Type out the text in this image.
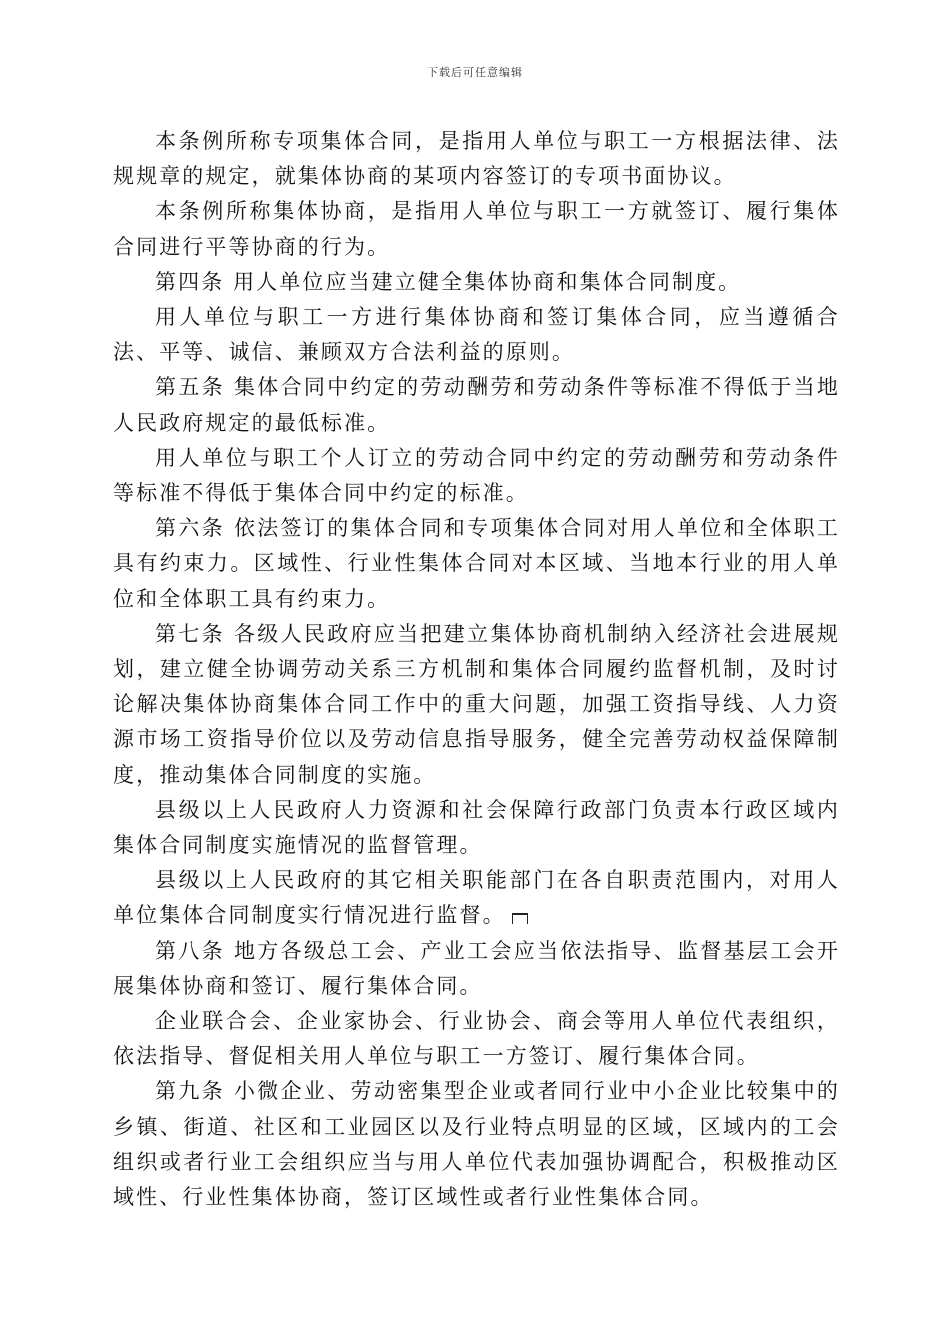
下载后可任意编辑

本条例所称专项集体合同，是指用人单位与职工一方根据法律、法规规章的规定，就集体协商的某项内容签订的专项书面协议。

本条例所称集体协商，是指用人单位与职工一方就签订、履行集体合同进行平等协商的行为。

第四条 用人单位应当建立健全集体协商和集体合同制度。

用人单位与职工一方进行集体协商和签订集体合同，应当遵循合法、平等、诚信、兼顾双方合法利益的原则。

第五条 集体合同中约定的劳动酬劳和劳动条件等标准不得低于当地人民政府规定的最低标准。

用人单位与职工个人订立的劳动合同中约定的劳动酬劳和劳动条件等标准不得低于集体合同中约定的标准。

第六条 依法签订的集体合同和专项集体合同对用人单位和全体职工具有约束力。区域性、行业性集体合同对本区域、当地本行业的用人单位和全体职工具有约束力。

第七条 各级人民政府应当把建立集体协商机制纳入经济社会进展规划，建立健全协调劳动关系三方机制和集体合同履约监督机制，及时讨论解决集体协商集体合同工作中的重大问题，加强工资指导线、人力资源市场工资指导价位以及劳动信息指导服务，健全完善劳动权益保障制度，推动集体合同制度的实施。

县级以上人民政府人力资源和社会保障行政部门负责本行政区域内集体合同制度实施情况的监督管理。

县级以上人民政府的其它相关职能部门在各自职责范围内，对用人单位集体合同制度实行情况进行监督。

第八条 地方各级总工会、产业工会应当依法指导、监督基层工会开展集体协商和签订、履行集体合同。

企业联合会、企业家协会、行业协会、商会等用人单位代表组织，依法指导、督促相关用人单位与职工一方签订、履行集体合同。

第九条 小微企业、劳动密集型企业或者同行业中小企业比较集中的乡镇、街道、社区和工业园区以及行业特点明显的区域，区域内的工会组织或者行业工会组织应当与用人单位代表加强协调配合，积极推动区域性、行业性集体协商，签订区域性或者行业性集体合同。
